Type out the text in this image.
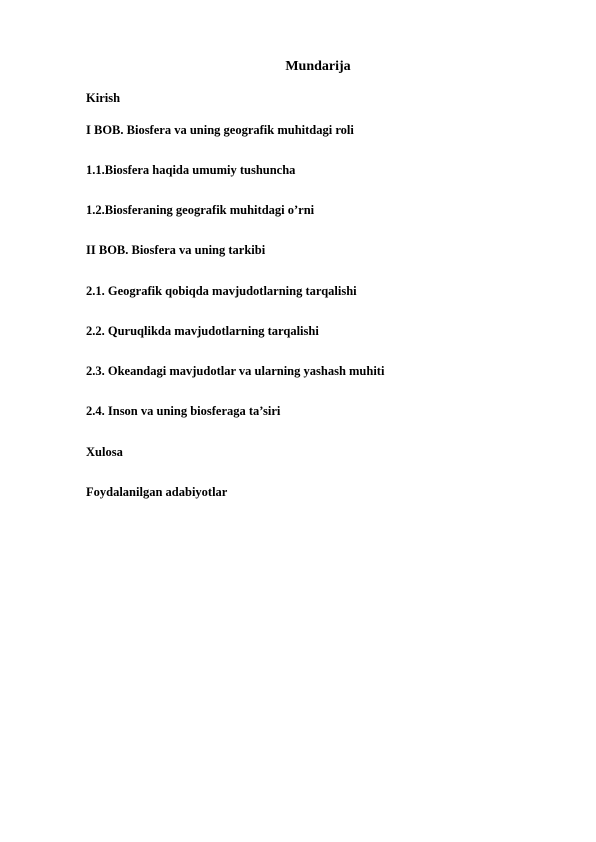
Mundarija
Kirish
I BOB. Biosfera va uning geografik muhitdagi roli
1.1.Biosfera haqida umumiy tushuncha
1.2.Biosferaning geografik muhitdagi o’rni
II BOB. Biosfera va uning tarkibi
2.1. Geografik qobiqda mavjudotlarning tarqalishi
2.2. Quruqlikda mavjudotlarning tarqalishi
2.3. Okeandagi mavjudotlar va ularning yashash muhiti
2.4. Inson va uning biosferaga ta’siri
Xulosa
Foydalanilgan adabiyotlar
